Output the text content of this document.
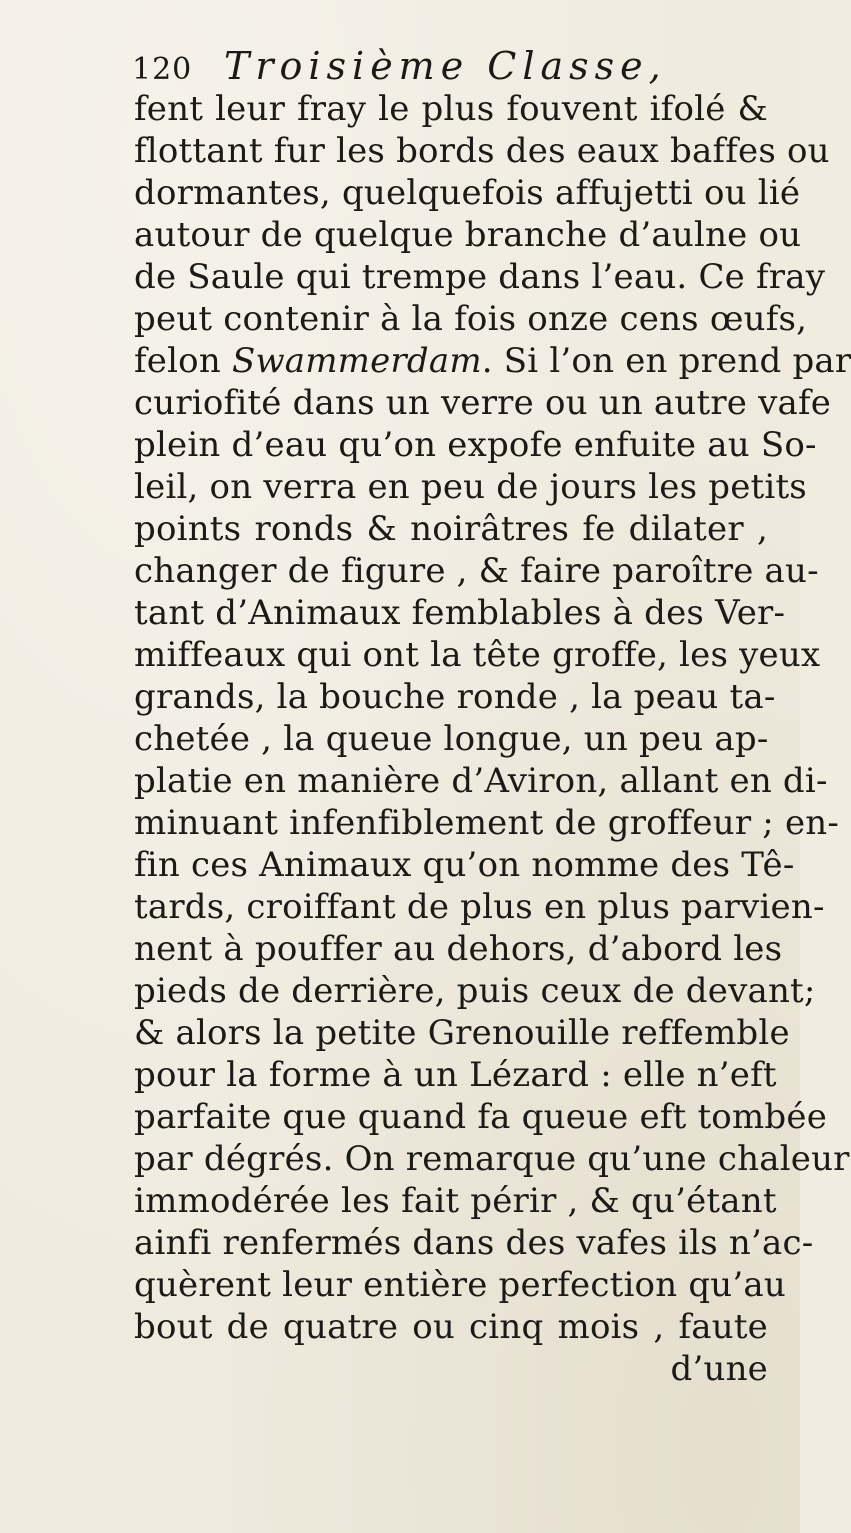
120 Troisième Classe,
fent leur fray le plus fouvent ifolé &
flottant fur les bords des eaux baffes ou
dormantes, quelquefois affujetti ou lié
autour de quelque branche d’aulne ou
de Saule qui trempe dans l’eau. Ce fray
peut contenir à la fois onze cens œufs,
felon Swammerdam. Si l’on en prend par
curiofité dans un verre ou un autre vafe
plein d’eau qu’on expofe enfuite au So-
leil, on verra en peu de jours les petits
points ronds & noirâtres fe dilater ,
changer de figure , & faire paroître au-
tant d’Animaux femblables à des Ver-
miffeaux qui ont la tête groffe, les yeux
grands, la bouche ronde , la peau ta-
chetée , la queue longue, un peu ap-
platie en manière d’Aviron, allant en di-
minuant infenfiblement de groffeur ; en-
fin ces Animaux qu’on nomme des Tê-
tards, croiffant de plus en plus parvien-
nent à pouffer au dehors, d’abord les
pieds de derrière, puis ceux de devant;
& alors la petite Grenouille reffemble
pour la forme à un Lézard : elle n’eft
parfaite que quand fa queue eft tombée
par dégrés. On remarque qu’une chaleur
immodérée les fait périr , & qu’étant
ainfi renfermés dans des vafes ils n’ac-
quèrent leur entière perfection qu’au
bout de quatre ou cinq mois , faute
d’une
